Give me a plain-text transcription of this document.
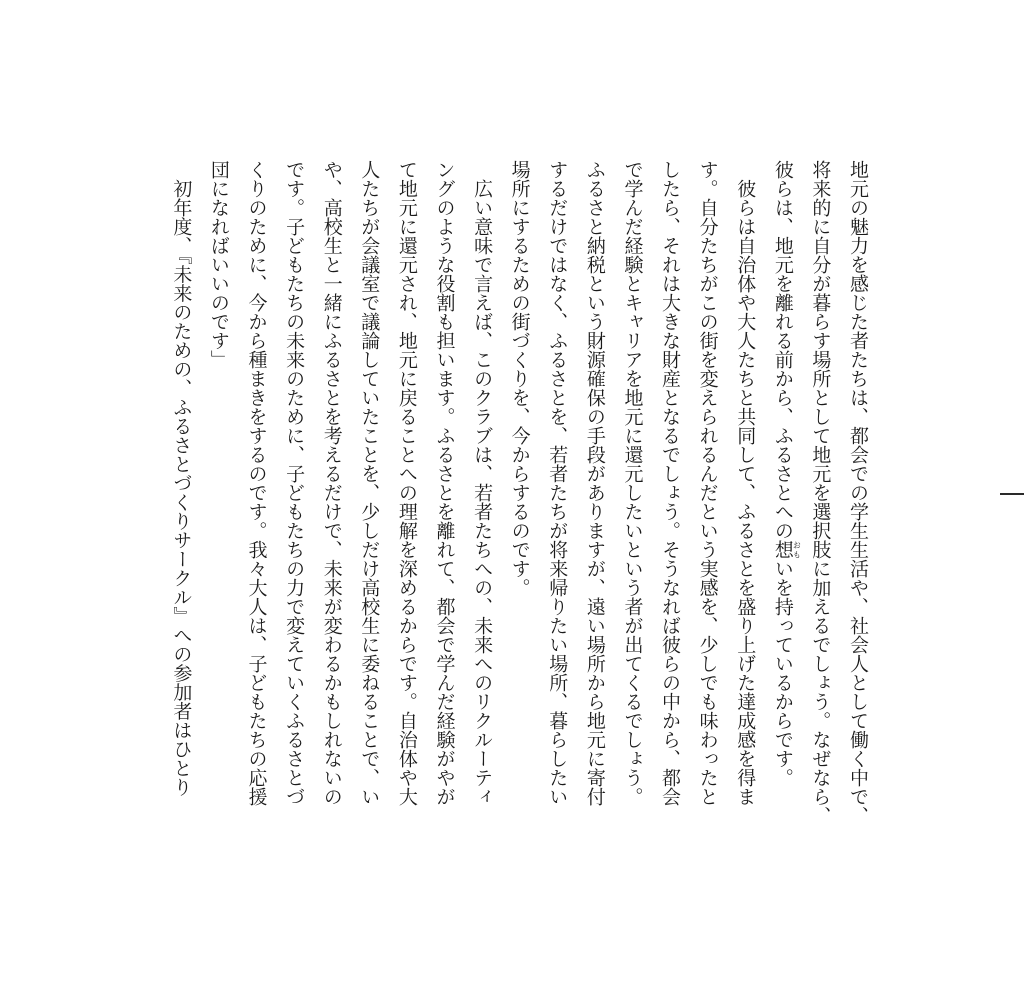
地元の魅力を感じた者たちは、都会での学生生活や、社会人として働く中で、
将来的に自分が暮らす場所として地元を選択肢に加えるでしょう。なぜなら、
彼らは、地元を離れる前から、ふるさとへの想おもいを持っているからです。
彼らは自治体や大人たちと共同して、ふるさとを盛り上げた達成感を得ま
す。自分たちがこの街を変えられるんだという実感を、少しでも味わったと
したら、それは大きな財産となるでしょう。そうなれば彼らの中から、都会
で学んだ経験とキャリアを地元に還元したいという者が出てくるでしょう。
ふるさと納税という財源確保の手段がありますが、遠い場所から地元に寄付
するだけではなく、ふるさとを、若者たちが将来帰りたい場所、暮らしたい
場所にするための街づくりを、今からするのです。
広い意味で言えば、このクラブは、若者たちへの、未来へのリクルーティ
ングのような役割も担います。ふるさとを離れて、都会で学んだ経験がやが
て地元に還元され、地元に戻ることへの理解を深めるからです。自治体や大
人たちが会議室で議論していたことを、少しだけ高校生に委ねることで、い
や、高校生と一緒にふるさとを考えるだけで、未来が変わるかもしれないの
です。子どもたちの未来のために、子どもたちの力で変えていくふるさとづ
くりのために、今から種まきをするのです。我々大人は、子どもたちの応援
団になればいいのです」
初年度、『未来のための、ふるさとづくりサークル』への参加者はひとり
